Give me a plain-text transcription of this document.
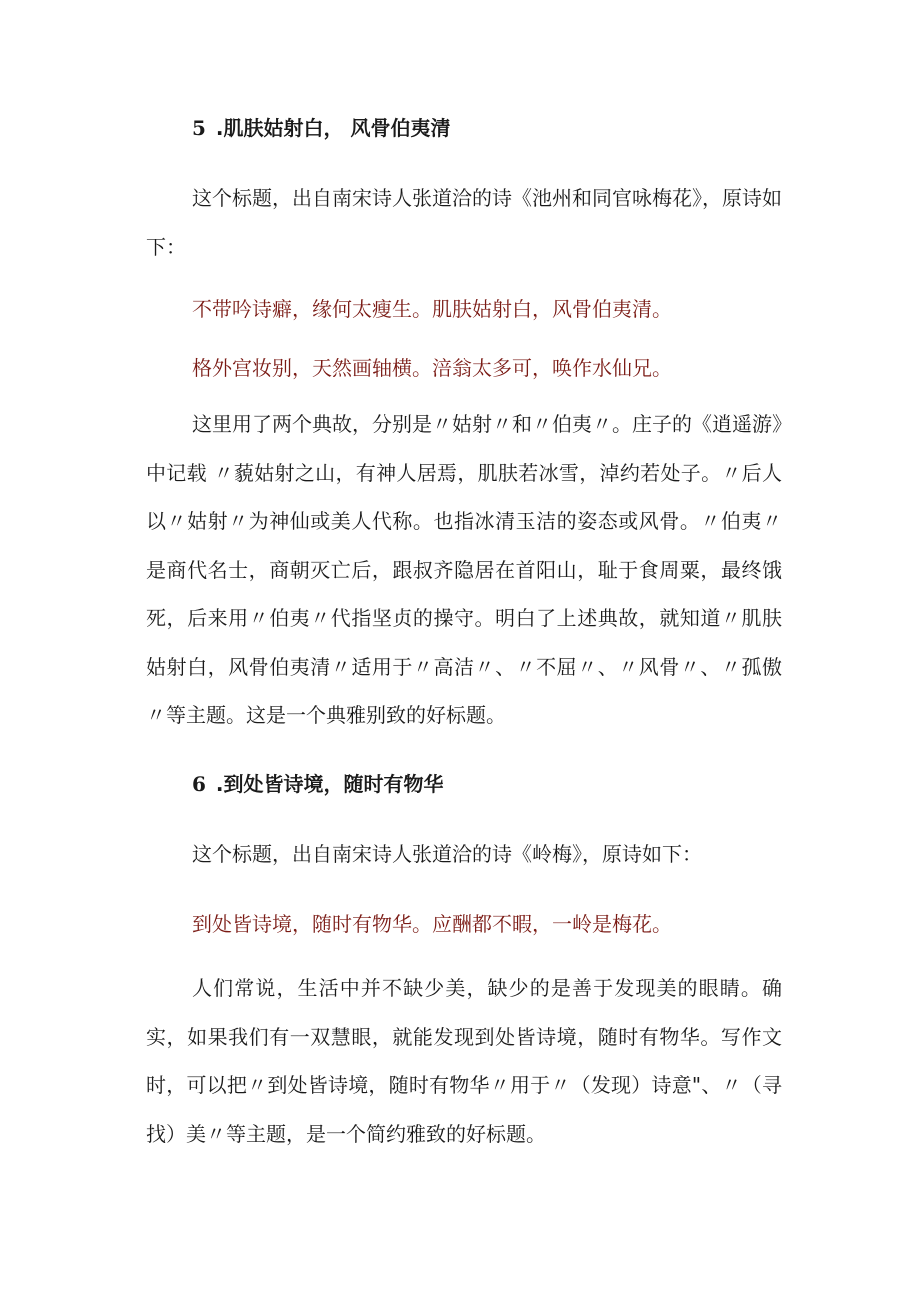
5 .肌肤姑射白， 风骨伯夷清

这个标题，出自南宋诗人张道洽的诗《池州和同官咏梅花》，原诗如下：

不带吟诗癖，缘何太瘦生。肌肤姑射白，风骨伯夷清。

格外宫妆别，天然画轴横。涪翁太多可，唤作水仙兄。

这里用了两个典故，分别是〃姑射〃和〃伯夷〃。庄子的《逍遥游》中记载 〃藐姑射之山，有神人居焉，肌肤若冰雪，淖约若处子。〃后人以〃姑射〃为神仙或美人代称。也指冰清玉洁的姿态或风骨。〃伯夷〃是商代名士，商朝灭亡后，跟叔齐隐居在首阳山，耻于食周粟，最终饿死，后来用〃伯夷〃代指坚贞的操守。明白了上述典故，就知道〃肌肤姑射白，风骨伯夷清〃适用于〃高洁〃、〃不屈〃、〃风骨〃、〃孤傲〃等主题。这是一个典雅别致的好标题。

6 .到处皆诗境，随时有物华

这个标题，出自南宋诗人张道洽的诗《岭梅》，原诗如下：

到处皆诗境，随时有物华。应酬都不暇，一岭是梅花。

人们常说，生活中并不缺少美，缺少的是善于发现美的眼睛。确实，如果我们有一双慧眼，就能发现到处皆诗境，随时有物华。写作文时，可以把〃到处皆诗境，随时有物华〃用于〃（发现）诗意"、〃（寻找）美〃等主题，是一个简约雅致的好标题。
